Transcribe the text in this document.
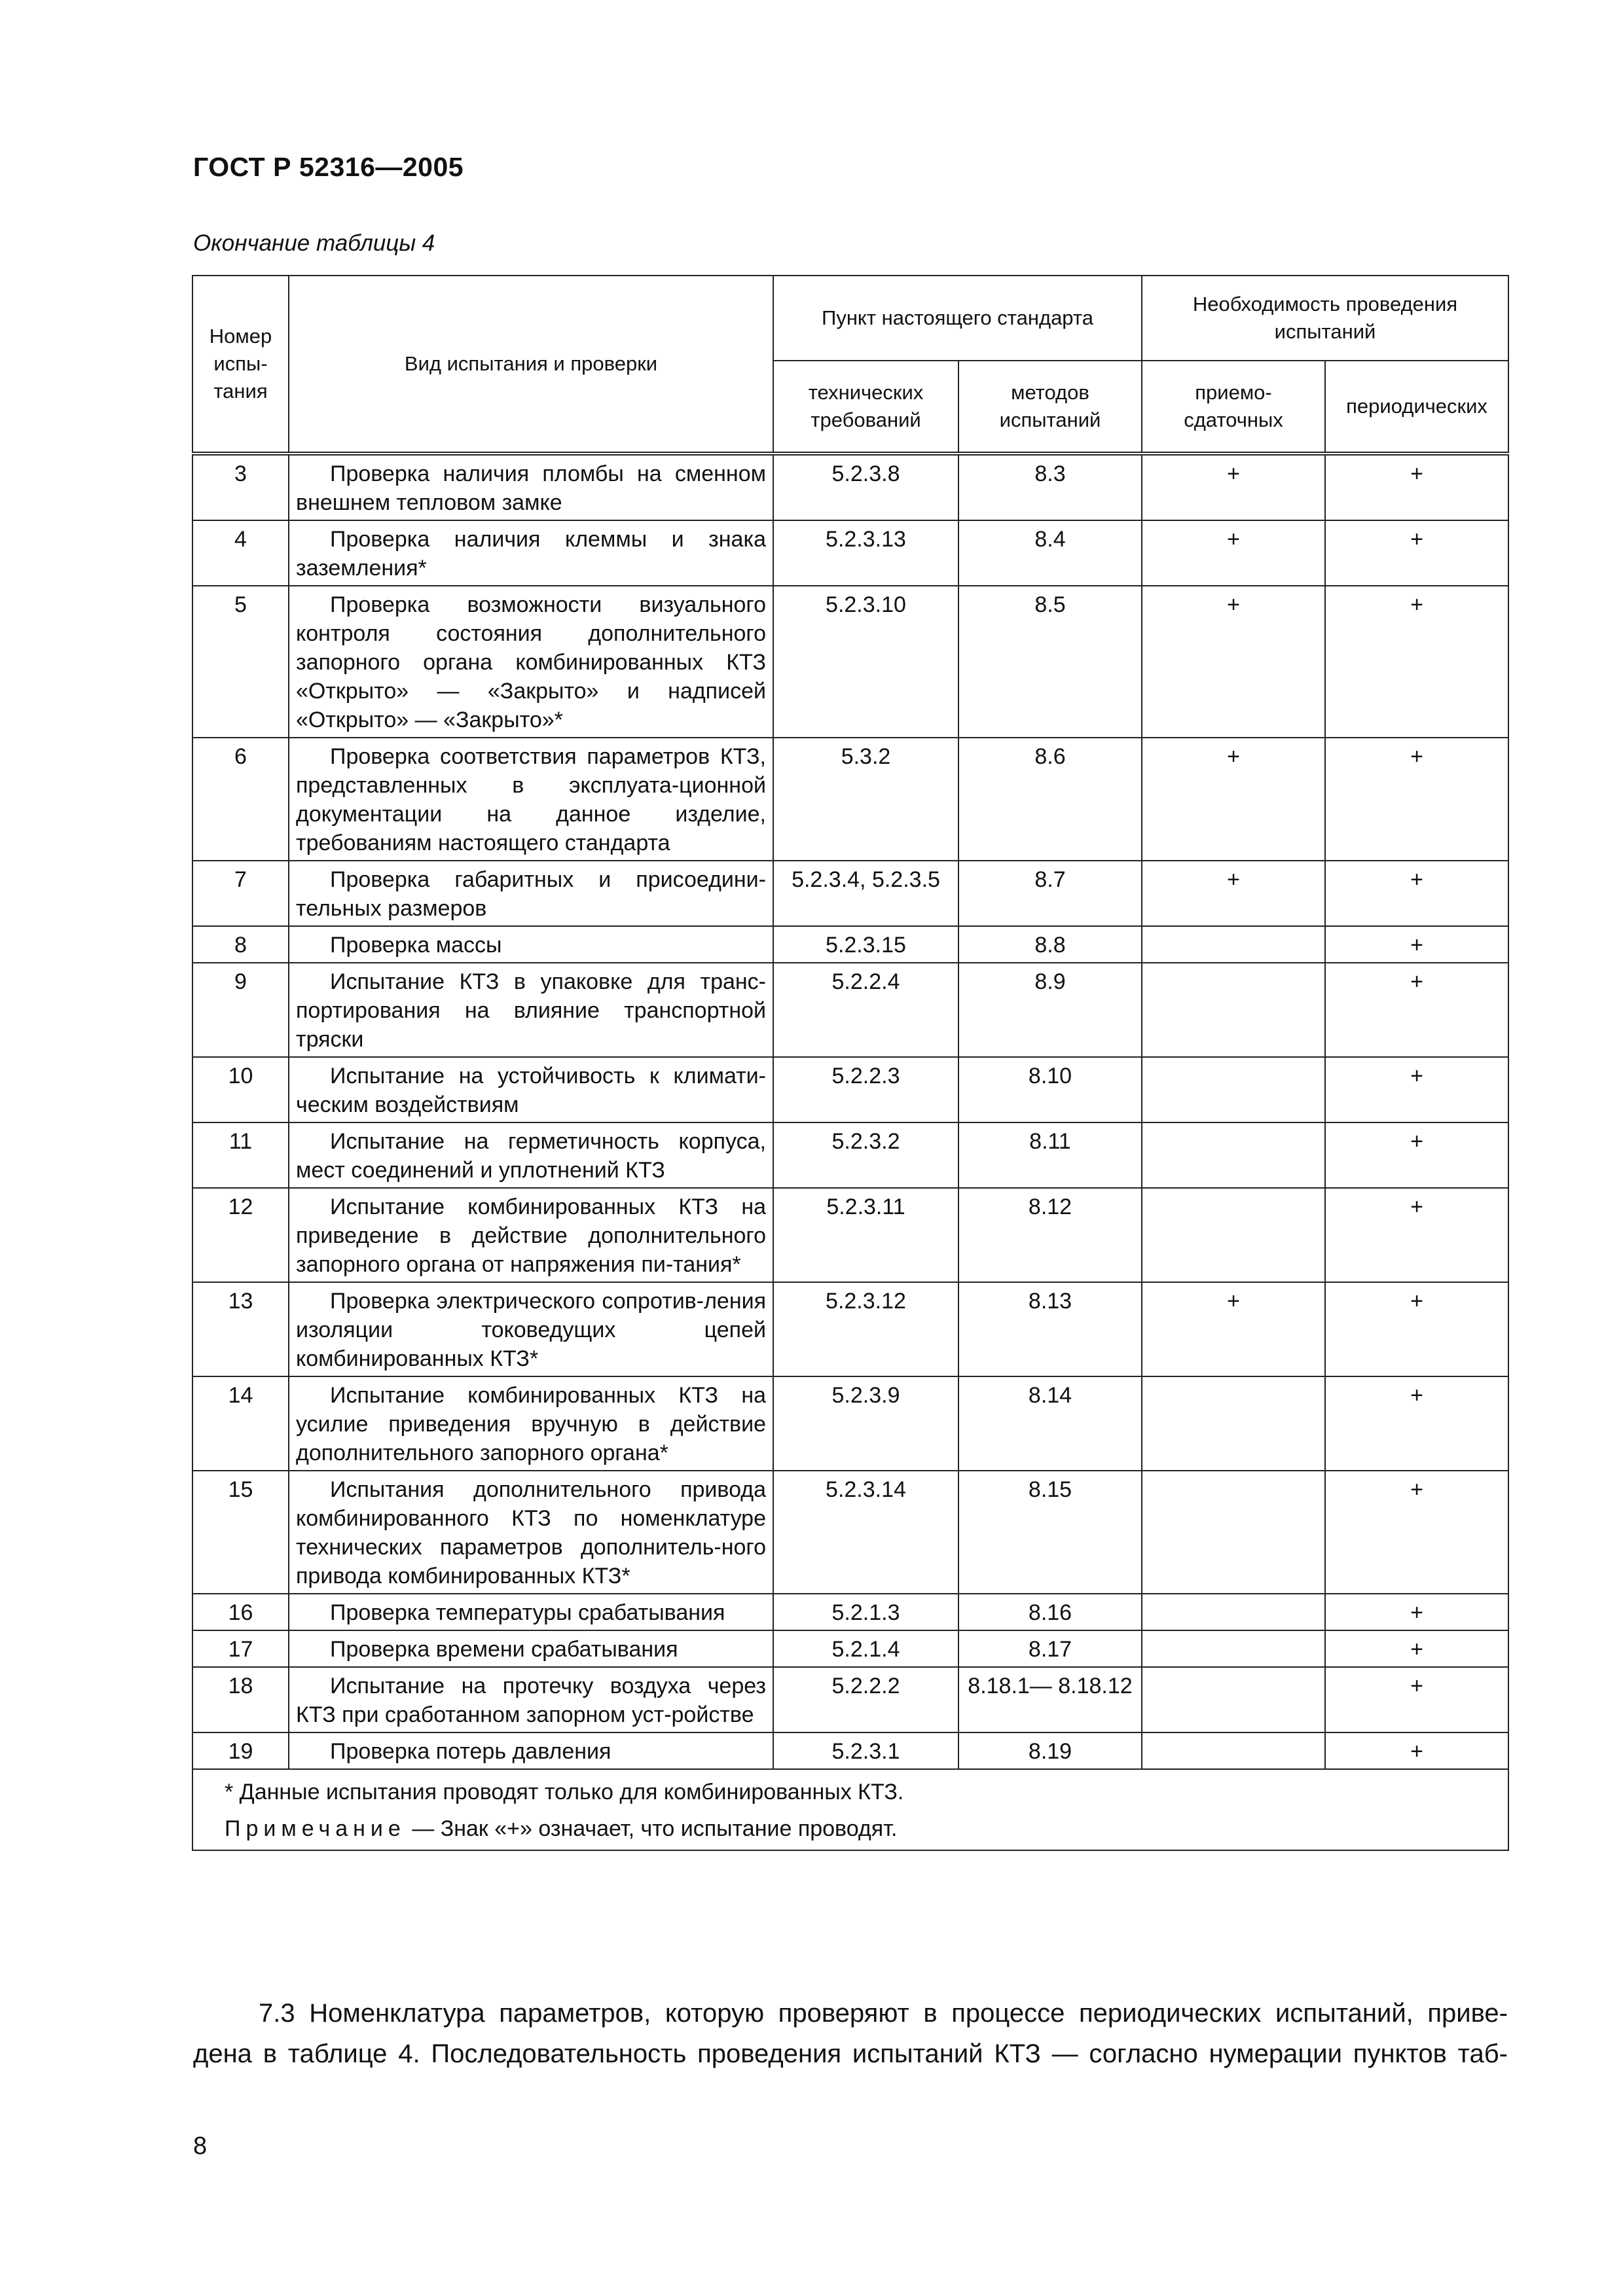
ГОСТ Р 52316—2005
Окончание таблицы 4
Номер испы-тания	Вид испытания и проверки	Пункт настоящего стандарта		Необходимость проведения испытаний	
		технических требований	методов испытаний	приемо-сдаточных	периодических
3	Проверка наличия пломбы на сменном внешнем тепловом замке	5.2.3.8	8.3	+	+
4	Проверка наличия клеммы и знака заземления*	5.2.3.13	8.4	+	+
5	Проверка возможности визуального контроля состояния дополнительного запорного органа комбинированных КТЗ «Открыто» — «Закрыто» и надписей «Открыто» — «Закрыто»*	5.2.3.10	8.5	+	+
6	Проверка соответствия параметров КТЗ, представленных в эксплуата-ционной документации на данное изделие, требованиям настоящего стандарта	5.3.2	8.6	+	+
7	Проверка габаритных и присоедини-тельных размеров	5.2.3.4, 5.2.3.5	8.7	+	+
8	Проверка массы	5.2.3.15	8.8		+
9	Испытание КТЗ в упаковке для транс-портирования на влияние транспортной тряски	5.2.2.4	8.9		+
10	Испытание на устойчивость к климати-ческим воздействиям	5.2.2.3	8.10		+
11	Испытание на герметичность корпуса, мест соединений и уплотнений КТЗ	5.2.3.2	8.11		+
12	Испытание комбинированных КТЗ на приведение в действие дополнительного запорного органа от напряжения пи-тания*	5.2.3.11	8.12		+
13	Проверка электрического сопротив-ления изоляции токоведущих цепей комбинированных КТЗ*	5.2.3.12	8.13	+	+
14	Испытание комбинированных КТЗ на усилие приведения вручную в действие дополнительного запорного органа*	5.2.3.9	8.14		+
15	Испытания дополнительного привода комбинированного КТЗ по номенклатуре технических параметров дополнитель-ного привода комбинированных КТЗ*	5.2.3.14	8.15		+
16	Проверка температуры срабатывания	5.2.1.3	8.16		+
17	Проверка времени срабатывания	5.2.1.4	8.17		+
18	Испытание на протечку воздуха через КТЗ при сработанном запорном уст-ройстве	5.2.2.2	8.18.1— 8.18.12		+
19	Проверка потерь давления	5.2.3.1	8.19		+

* Данные испытания проводят только для комбинированных КТЗ.
Примечание — Знак «+» означает, что испытание проводят.					
7.3 Номенклатура параметров, которую проверяют в процессе периодических испытаний, приве-
дена в таблице 4. Последовательность проведения испытаний КТЗ — согласно нумерации пунктов таб-
8
